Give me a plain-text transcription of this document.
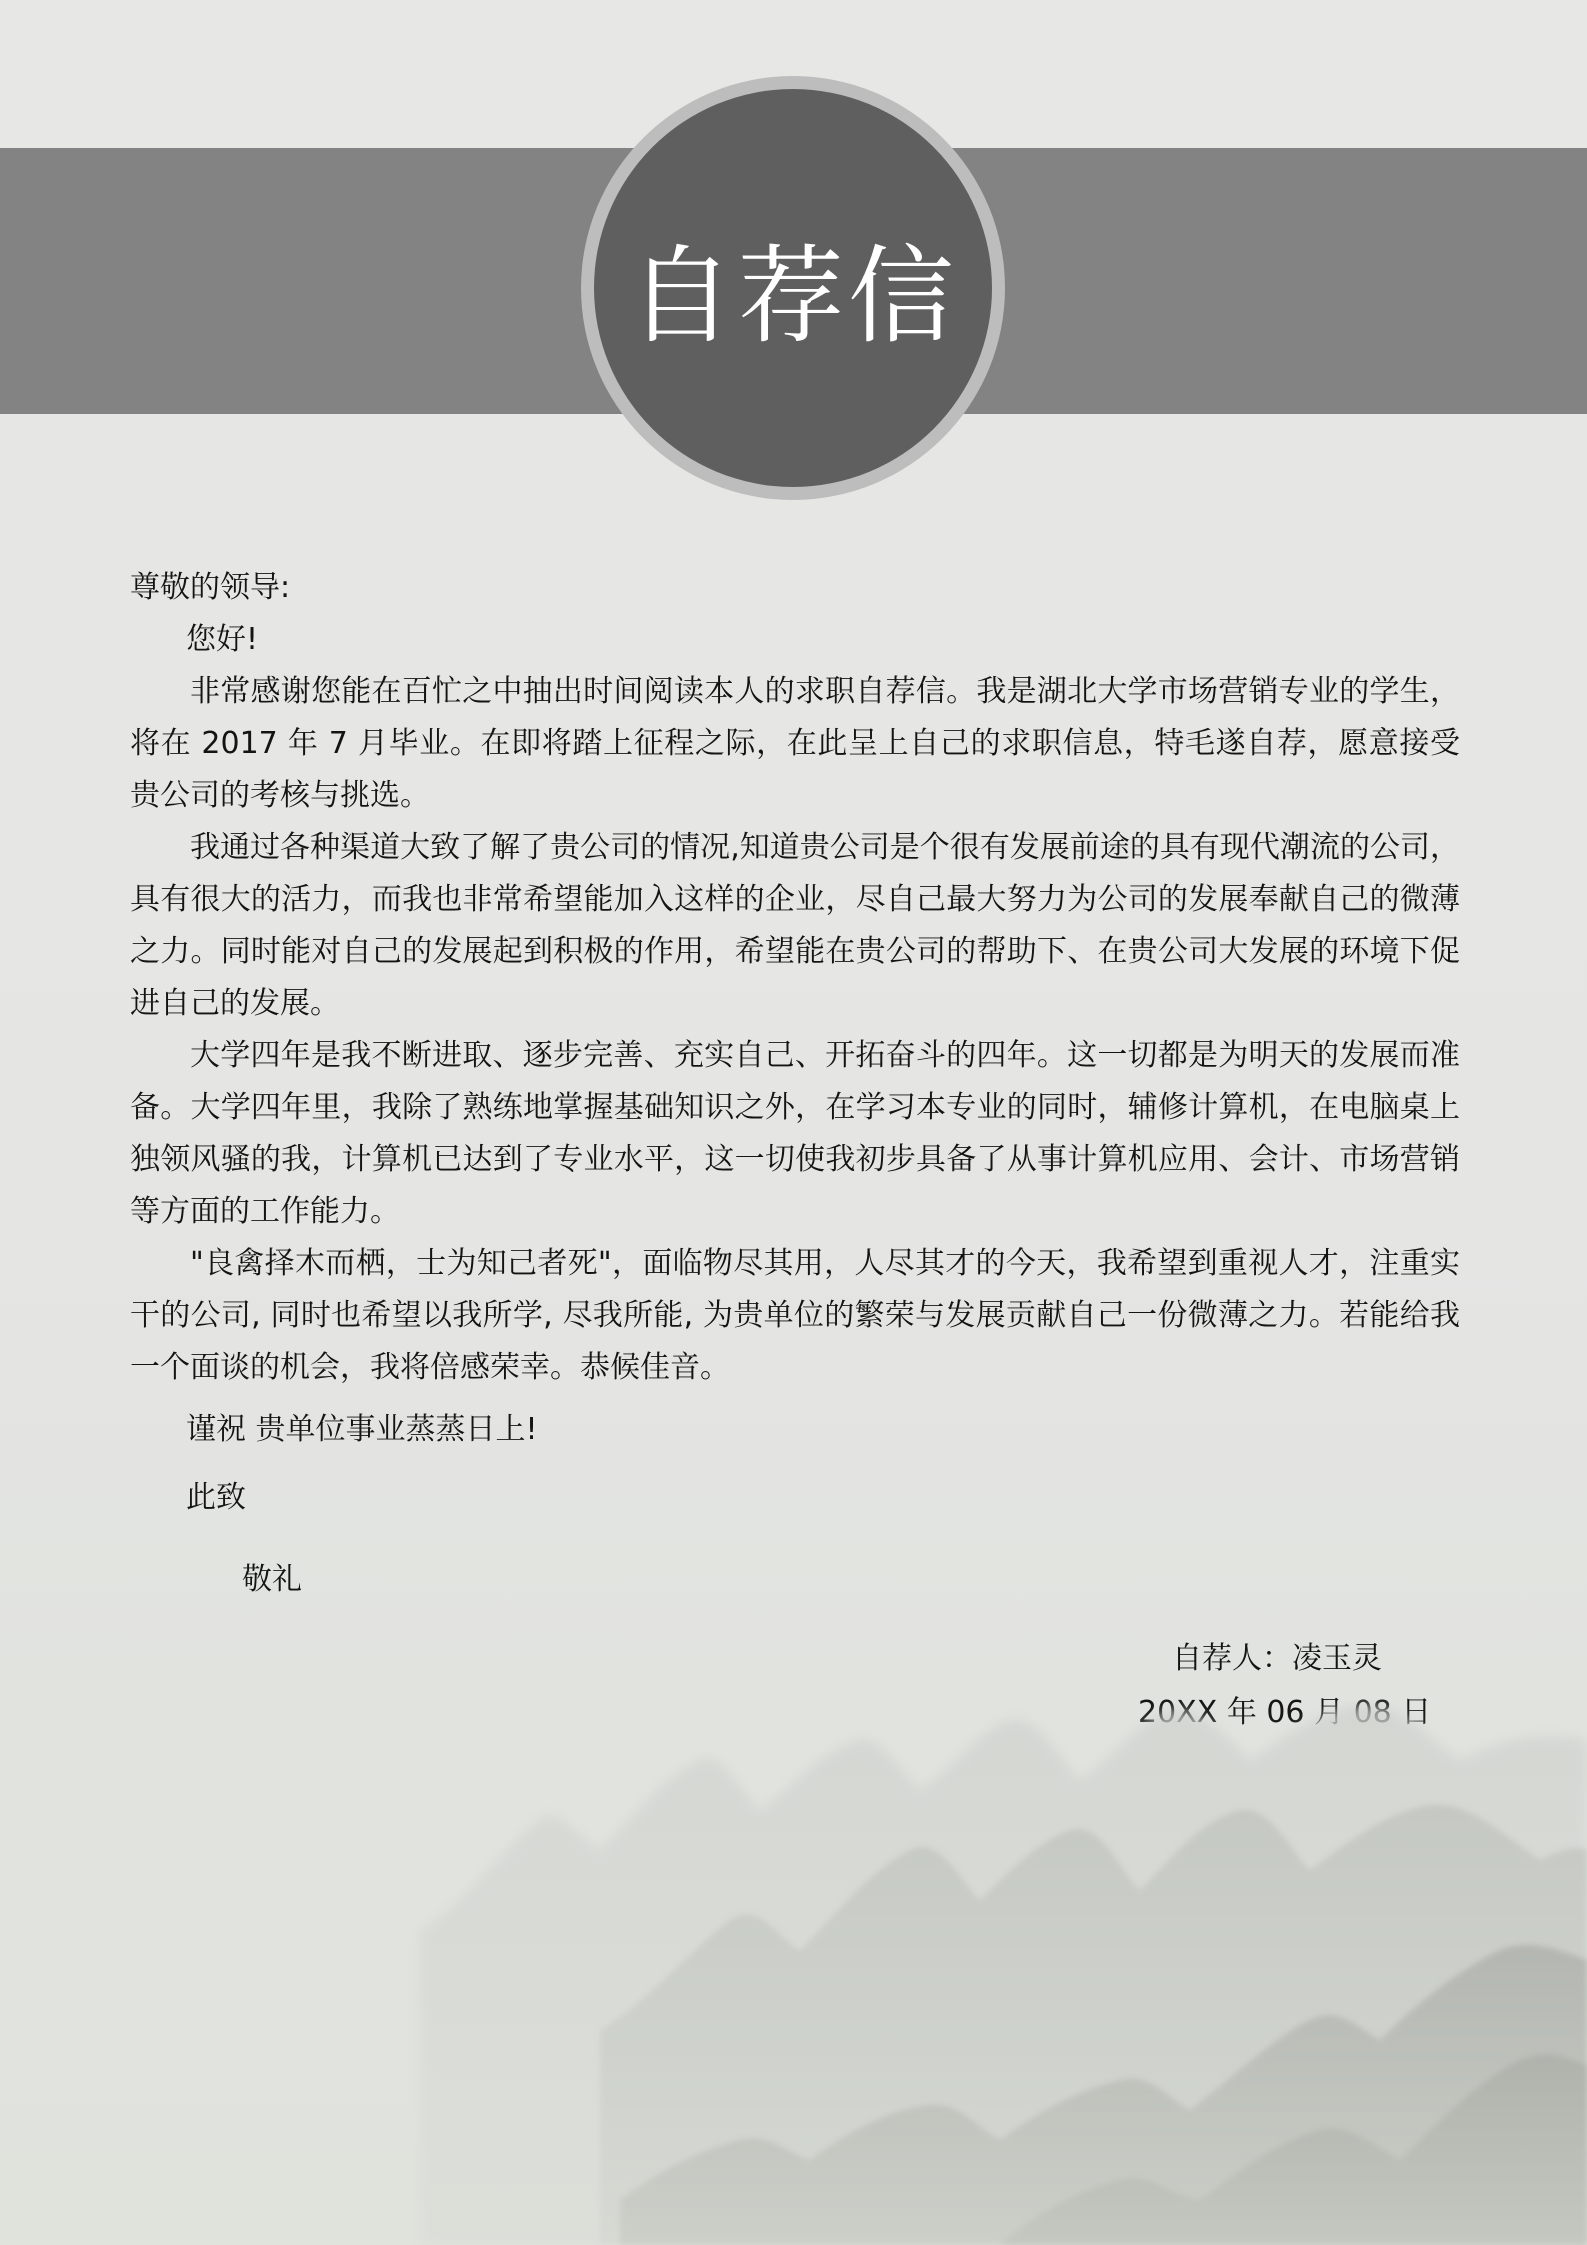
自荐信

尊敬的领导:

您好!

非常感谢您能在百忙之中抽出时间阅读本人的求职自荐信。我是湖北大学市场营销专业的学生，将在 2017 年 7 月毕业。在即将踏上征程之际，在此呈上自己的求职信息，特毛遂自荐，愿意接受贵公司的考核与挑选。

我通过各种渠道大致了解了贵公司的情况,知道贵公司是个很有发展前途的具有现代潮流的公司，具有很大的活力，而我也非常希望能加入这样的企业，尽自己最大努力为公司的发展奉献自己的微薄之力。同时能对自己的发展起到积极的作用，希望能在贵公司的帮助下、在贵公司大发展的环境下促进自己的发展。

大学四年是我不断进取、逐步完善、充实自己、开拓奋斗的四年。这一切都是为明天的发展而准备。大学四年里，我除了熟练地掌握基础知识之外，在学习本专业的同时，辅修计算机，在电脑桌上独领风骚的我，计算机已达到了专业水平，这一切使我初步具备了从事计算机应用、会计、市场营销等方面的工作能力。

"良禽择木而栖，士为知己者死"，面临物尽其用，人尽其才的今天，我希望到重视人才，注重实干的公司, 同时也希望以我所学, 尽我所能, 为贵单位的繁荣与发展贡献自己一份微薄之力。若能给我一个面谈的机会，我将倍感荣幸。恭候佳音。

谨祝 贵单位事业蒸蒸日上!

此致

敬礼

自荐人：凌玉灵
